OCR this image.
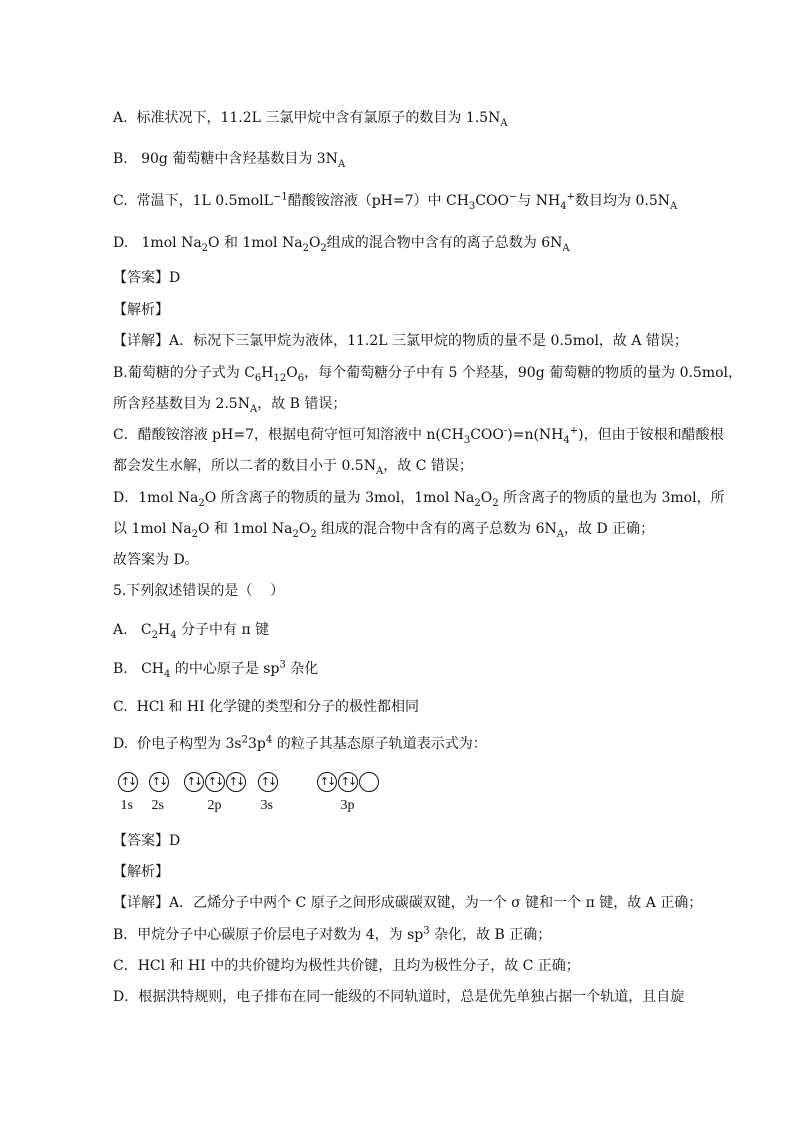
A.  标准状况下，11.2L 三氯甲烷中含有氯原子的数目为 $1.5N_A$
B.   90g 葡萄糖中含羟基数目为 $3N_A$
C.  常温下，1L 0.5molL$^{-1}$醋酸铵溶液（pH=7）中 $CH_3COO^-$与 $NH_4^+$数目均为 $0.5N_A$
D.   1mol $Na_2O$ 和 1mol $Na_2O_2$组成的混合物中含有的离子总数为 $6N_A$
【答案】D
【解析】
【详解】A．标况下三氯甲烷为液体，11.2L 三氯甲烷的物质的量不是 0.5mol，故 A 错误；
B.葡萄糖的分子式为 $C_6H_{12}O_6$，每个葡萄糖分子中有 5 个羟基，90g 葡萄糖的物质的量为 0.5mol，
所含羟基数目为 $2.5N_A$，故 B 错误；
C．醋酸铵溶液 pH=7，根据电荷守恒可知溶液中 $n(CH_3COO^-)=n(NH_4^+)$，但由于铵根和醋酸根
都会发生水解，所以二者的数目小于 $0.5N_A$，故 C 错误；
D．1mol $Na_2O$ 所含离子的物质的量为 3mol，1mol $Na_2O_2$ 所含离子的物质的量也为 3mol，所
以 1mol $Na_2O$ 和 1mol $Na_2O_2$ 组成的混合物中含有的离子总数为 $6N_A$，故 D 正确；
故答案为 D。
5.下列叙述错误的是（    ）
A.   $C_2H_4$ 分子中有 π 键
B.   $CH_4$ 的中心原子是 $sp^3$ 杂化
C.  HCl 和 HI 化学键的类型和分子的极性都相同
D.  价电子构型为 $3s^23p^4$ 的粒子其基态原子轨道表示式为：
↑↓
1s
↑↓
2s
↑↓ ↑↓ ↑↓
2p
↑↓
3s
↑↓ ↑↓
3p
【答案】D
【解析】
【详解】A．乙烯分子中两个 C 原子之间形成碳碳双键，为一个 σ 键和一个 π 键，故 A 正确；
B．甲烷分子中心碳原子价层电子对数为 4，为 $sp^3$ 杂化，故 B 正确；
C．HCl 和 HI 中的共价键均为极性共价键，且均为极性分子，故 C 正确；
D．根据洪特规则，电子排布在同一能级的不同轨道时，总是优先单独占据一个轨道，且自旋
